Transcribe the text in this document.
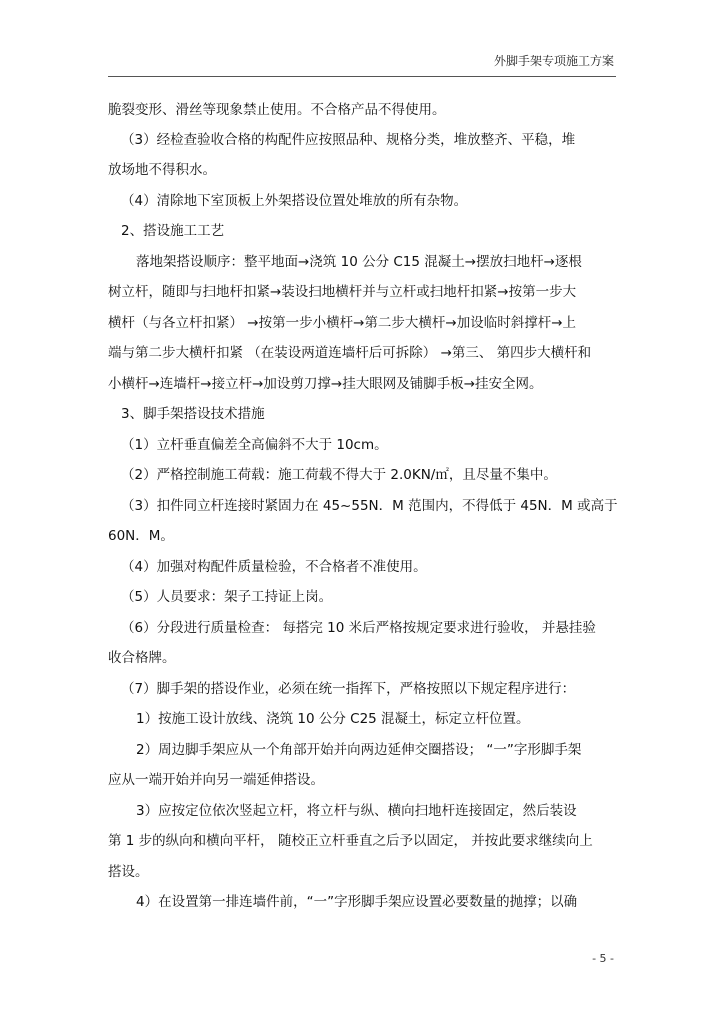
外脚手架专项施工方案
脆裂变形、滑丝等现象禁止使用。不合格产品不得使用。
（3）经检查验收合格的构配件应按照品种、规格分类，堆放整齐、平稳，堆
放场地不得积水。
（4）清除地下室顶板上外架搭设位置处堆放的所有杂物。
2、搭设施工工艺
落地架搭设顺序：整平地面→浇筑 10 公分 C15 混凝土→摆放扫地杆→逐根
树立杆，随即与扫地杆扣紧→装设扫地横杆并与立杆或扫地杆扣紧→按第一步大
横杆（与各立杆扣紧） →按第一步小横杆→第二步大横杆→加设临时斜撑杆→上
端与第二步大横杆扣紧 （在装设两道连墙杆后可拆除） →第三、 第四步大横杆和
小横杆→连墙杆→接立杆→加设剪刀撑→挂大眼网及铺脚手板→挂安全网。
3、脚手架搭设技术措施
（1）立杆垂直偏差全高偏斜不大于 10cm。
（2）严格控制施工荷载：施工荷载不得大于 2.0KN/㎡，且尽量不集中。
（3）扣件同立杆连接时紧固力在 45~55N．M 范围内，不得低于 45N．M 或高于
60N．M。
（4）加强对构配件质量检验，不合格者不准使用。
（5）人员要求：架子工持证上岗。
（6）分段进行质量检查： 每搭完 10 米后严格按规定要求进行验收， 并悬挂验
收合格牌。
（7）脚手架的搭设作业，必须在统一指挥下，严格按照以下规定程序进行：
1）按施工设计放线、浇筑 10 公分 C25 混凝土，标定立杆位置。
2）周边脚手架应从一个角部开始并向两边延伸交圈搭设； “一”字形脚手架
应从一端开始并向另一端延伸搭设。
3）应按定位依次竖起立杆，将立杆与纵、横向扫地杆连接固定，然后装设
第 1 步的纵向和横向平杆， 随校正立杆垂直之后予以固定， 并按此要求继续向上
搭设。
4）在设置第一排连墙件前，“一”字形脚手架应设置必要数量的抛撑；以确
- 5 -
